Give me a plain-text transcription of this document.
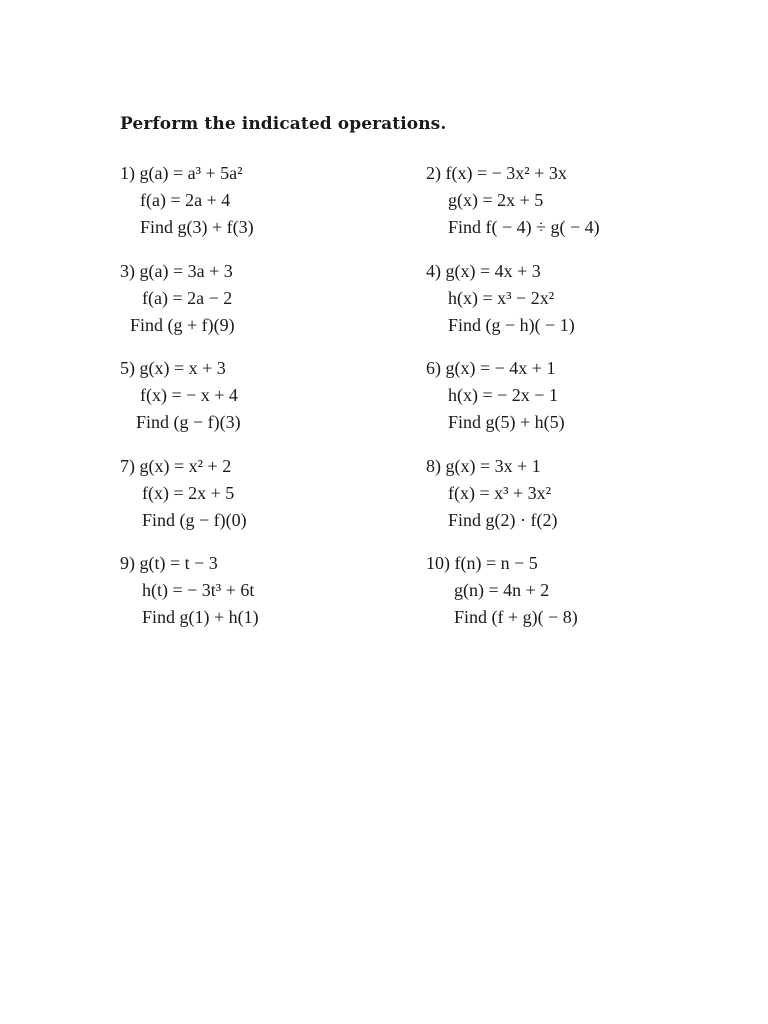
Perform the indicated operations.
1) g(a) = a³ + 5a²
f(a) = 2a + 4
Find g(3) + f(3)
2) f(x) = − 3x² + 3x
g(x) = 2x + 5
Find f( − 4) ÷ g( − 4)
3) g(a) = 3a + 3
f(a) = 2a − 2
Find (g + f)(9)
4) g(x) = 4x + 3
h(x) = x³ − 2x²
Find (g − h)( − 1)
5) g(x) = x + 3
f(x) = − x + 4
Find (g − f)(3)
6) g(x) = − 4x + 1
h(x) = − 2x − 1
Find g(5) + h(5)
7) g(x) = x² + 2
f(x) = 2x + 5
Find (g − f)(0)
8) g(x) = 3x + 1
f(x) = x³ + 3x²
Find g(2) · f(2)
9) g(t) = t − 3
h(t) = − 3t³ + 6t
Find g(1) + h(1)
10) f(n) = n − 5
g(n) = 4n + 2
Find (f + g)( − 8)
